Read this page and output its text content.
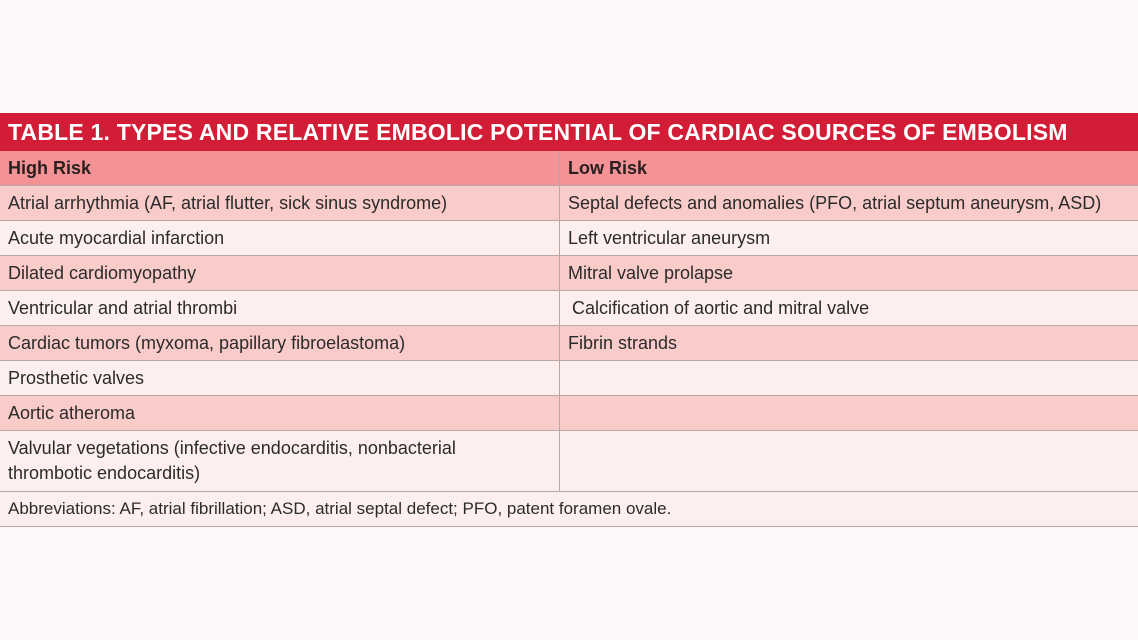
TABLE 1. TYPES AND RELATIVE EMBOLIC POTENTIAL OF CARDIAC SOURCES OF EMBOLISM
High Risk	Low Risk
Atrial arrhythmia (AF, atrial flutter, sick sinus syndrome)	Septal defects and anomalies (PFO, atrial septum aneurysm, ASD)
Acute myocardial infarction	Left ventricular aneurysm
Dilated cardiomyopathy	Mitral valve prolapse
Ventricular and atrial thrombi	Calcification of aortic and mitral valve
Cardiac tumors (myxoma, papillary fibroelastoma)	Fibrin strands
Prosthetic valves
Aortic atheroma
Valvular vegetations (infective endocarditis, nonbacterial thrombotic endocarditis)
Abbreviations: AF, atrial fibrillation; ASD, atrial septal defect; PFO, patent foramen ovale.
